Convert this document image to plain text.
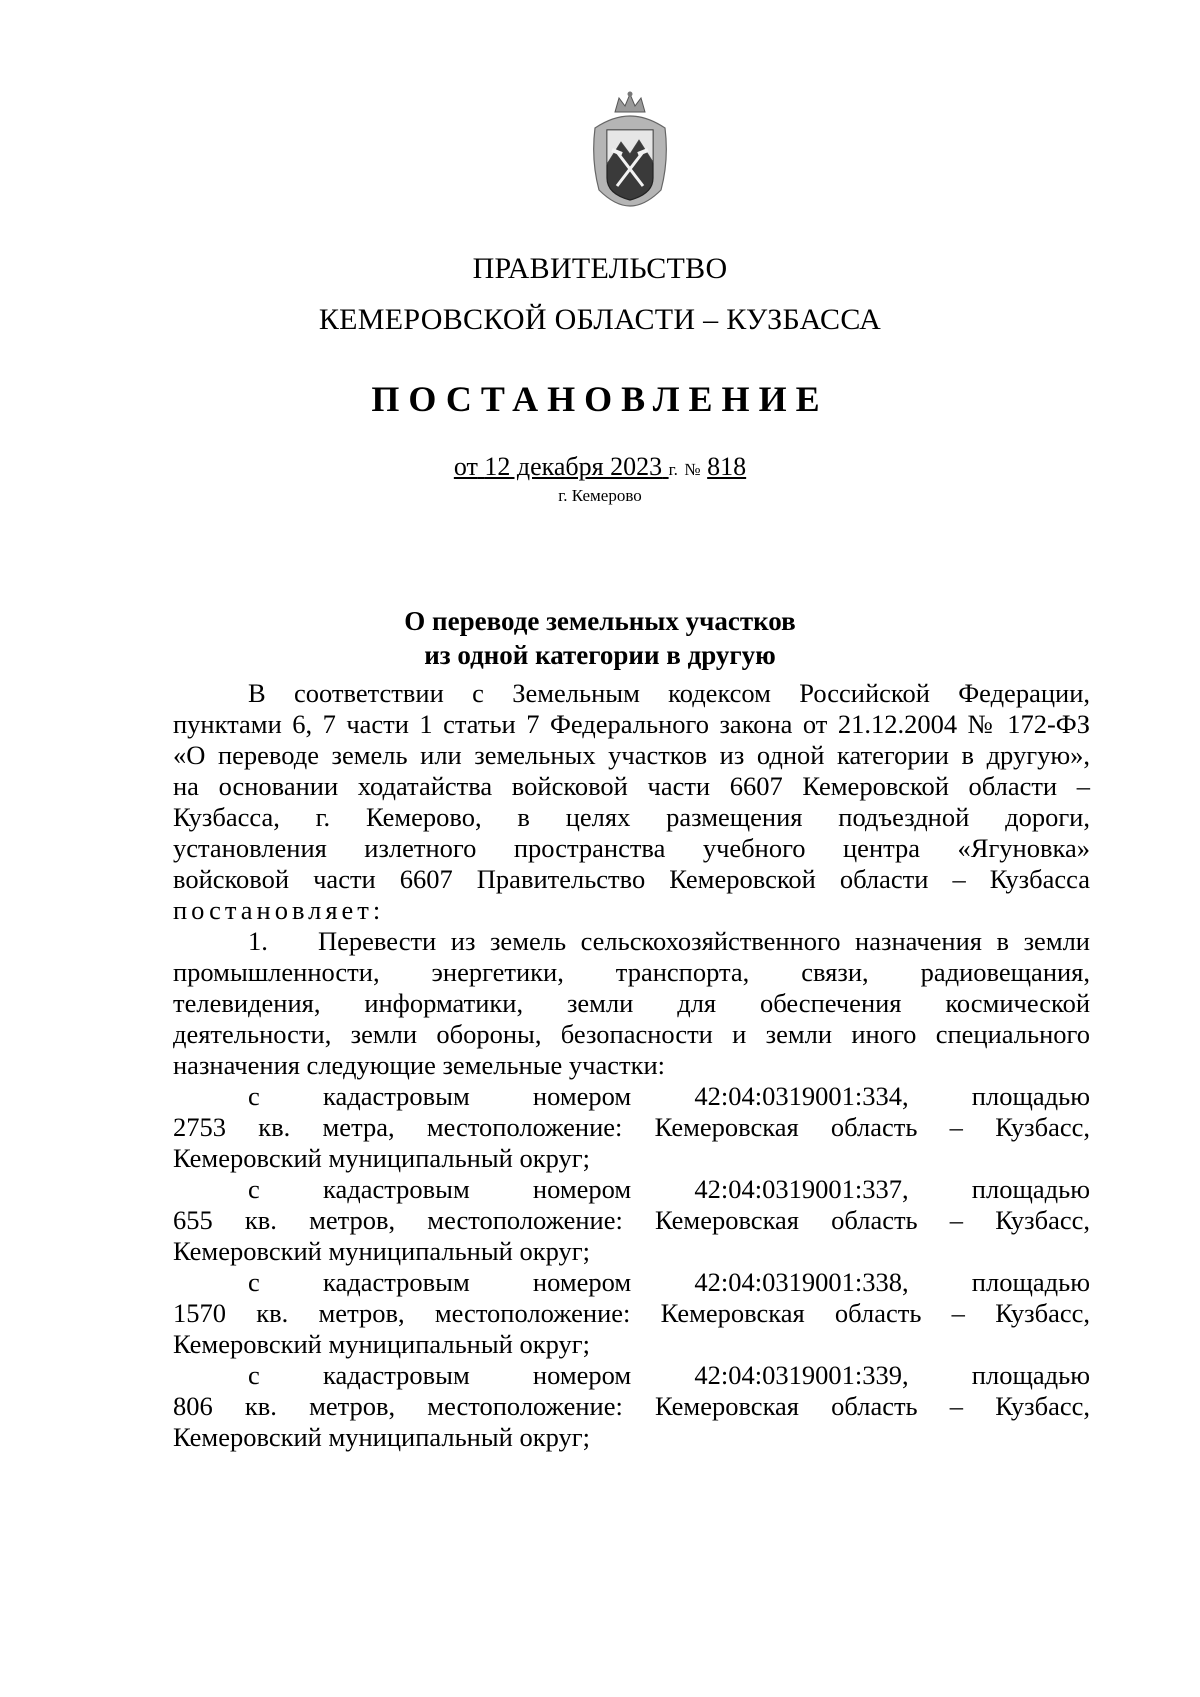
ПРАВИТЕЛЬСТВО
КЕМЕРОВСКОЙ ОБЛАСТИ – КУЗБАССА
ПОСТАНОВЛЕНИЕ
от 12 декабря 2023 г. № 818
г. Кемерово
О переводе земельных участков
из одной категории в другую
В соответствии с Земельным кодексом Российской Федерации,
пунктами 6, 7 части 1 статьи 7 Федерального закона от 21.12.2004 № 172-ФЗ
«О переводе земель или земельных участков из одной категории в другую»,
на основании ходатайства войсковой части 6607 Кемеровской области –
Кузбасса, г. Кемерово, в целях размещения подъездной дороги,
установления излетного пространства учебного центра «Ягуновка»
войсковой части 6607 Правительство Кемеровской области – Кузбасса
постановляет:
1.	Перевести из земель сельскохозяйственного назначения в земли
промышленности, энергетики, транспорта, связи, радиовещания,
телевидения, информатики, земли для обеспечения космической
деятельности, земли обороны, безопасности и земли иного специального
назначения следующие земельные участки:
с кадастровым номером 42:04:0319001:334, площадью
2753 кв. метра, местоположение: Кемеровская область – Кузбасс,
Кемеровский муниципальный округ;
с кадастровым номером 42:04:0319001:337, площадью
655 кв. метров, местоположение: Кемеровская область – Кузбасс,
Кемеровский муниципальный округ;
с кадастровым номером 42:04:0319001:338, площадью
1570 кв. метров, местоположение: Кемеровская область – Кузбасс,
Кемеровский муниципальный округ;
с кадастровым номером 42:04:0319001:339, площадью
806 кв. метров, местоположение: Кемеровская область – Кузбасс,
Кемеровский муниципальный округ;
